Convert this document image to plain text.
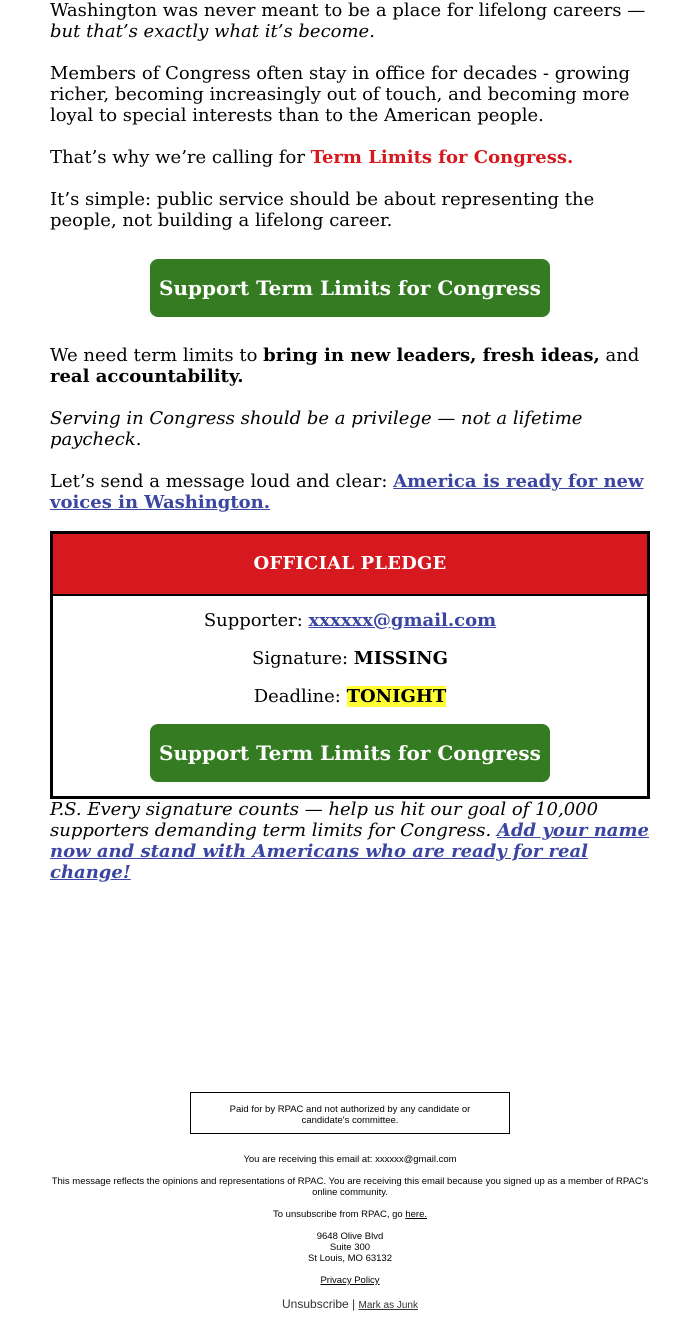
Washington was never meant to be a place for lifelong careers — but that’s exactly what it’s become.

Members of Congress often stay in office for decades - growing richer, becoming increasingly out of touch, and becoming more loyal to special interests than to the American people.

That’s why we’re calling for Term Limits for Congress.

It’s simple: public service should be about representing the people, not building a lifelong career.

Support Term Limits for Congress

We need term limits to bring in new leaders, fresh ideas, and real accountability.

Serving in Congress should be a privilege — not a lifetime paycheck.

Let’s send a message loud and clear: America is ready for new voices in Washington.

OFFICIAL PLEDGE
Supporter: xxxxxx@gmail.com
Signature: MISSING
Deadline: TONIGHT
Support Term Limits for Congress

P.S. Every signature counts — help us hit our goal of 10,000 supporters demanding term limits for Congress. Add your name now and stand with Americans who are ready for real change!

Paid for by RPAC and not authorized by any candidate or candidate's committee.

You are receiving this email at: xxxxxx@gmail.com

This message reflects the opinions and representations of RPAC. You are receiving this email because you signed up as a member of RPAC's online community.

To unsubscribe from RPAC, go here.

9648 Olive Blvd

Suite 300

St Louis, MO 63132

Privacy Policy

Unsubscribe | Mark as Junk
